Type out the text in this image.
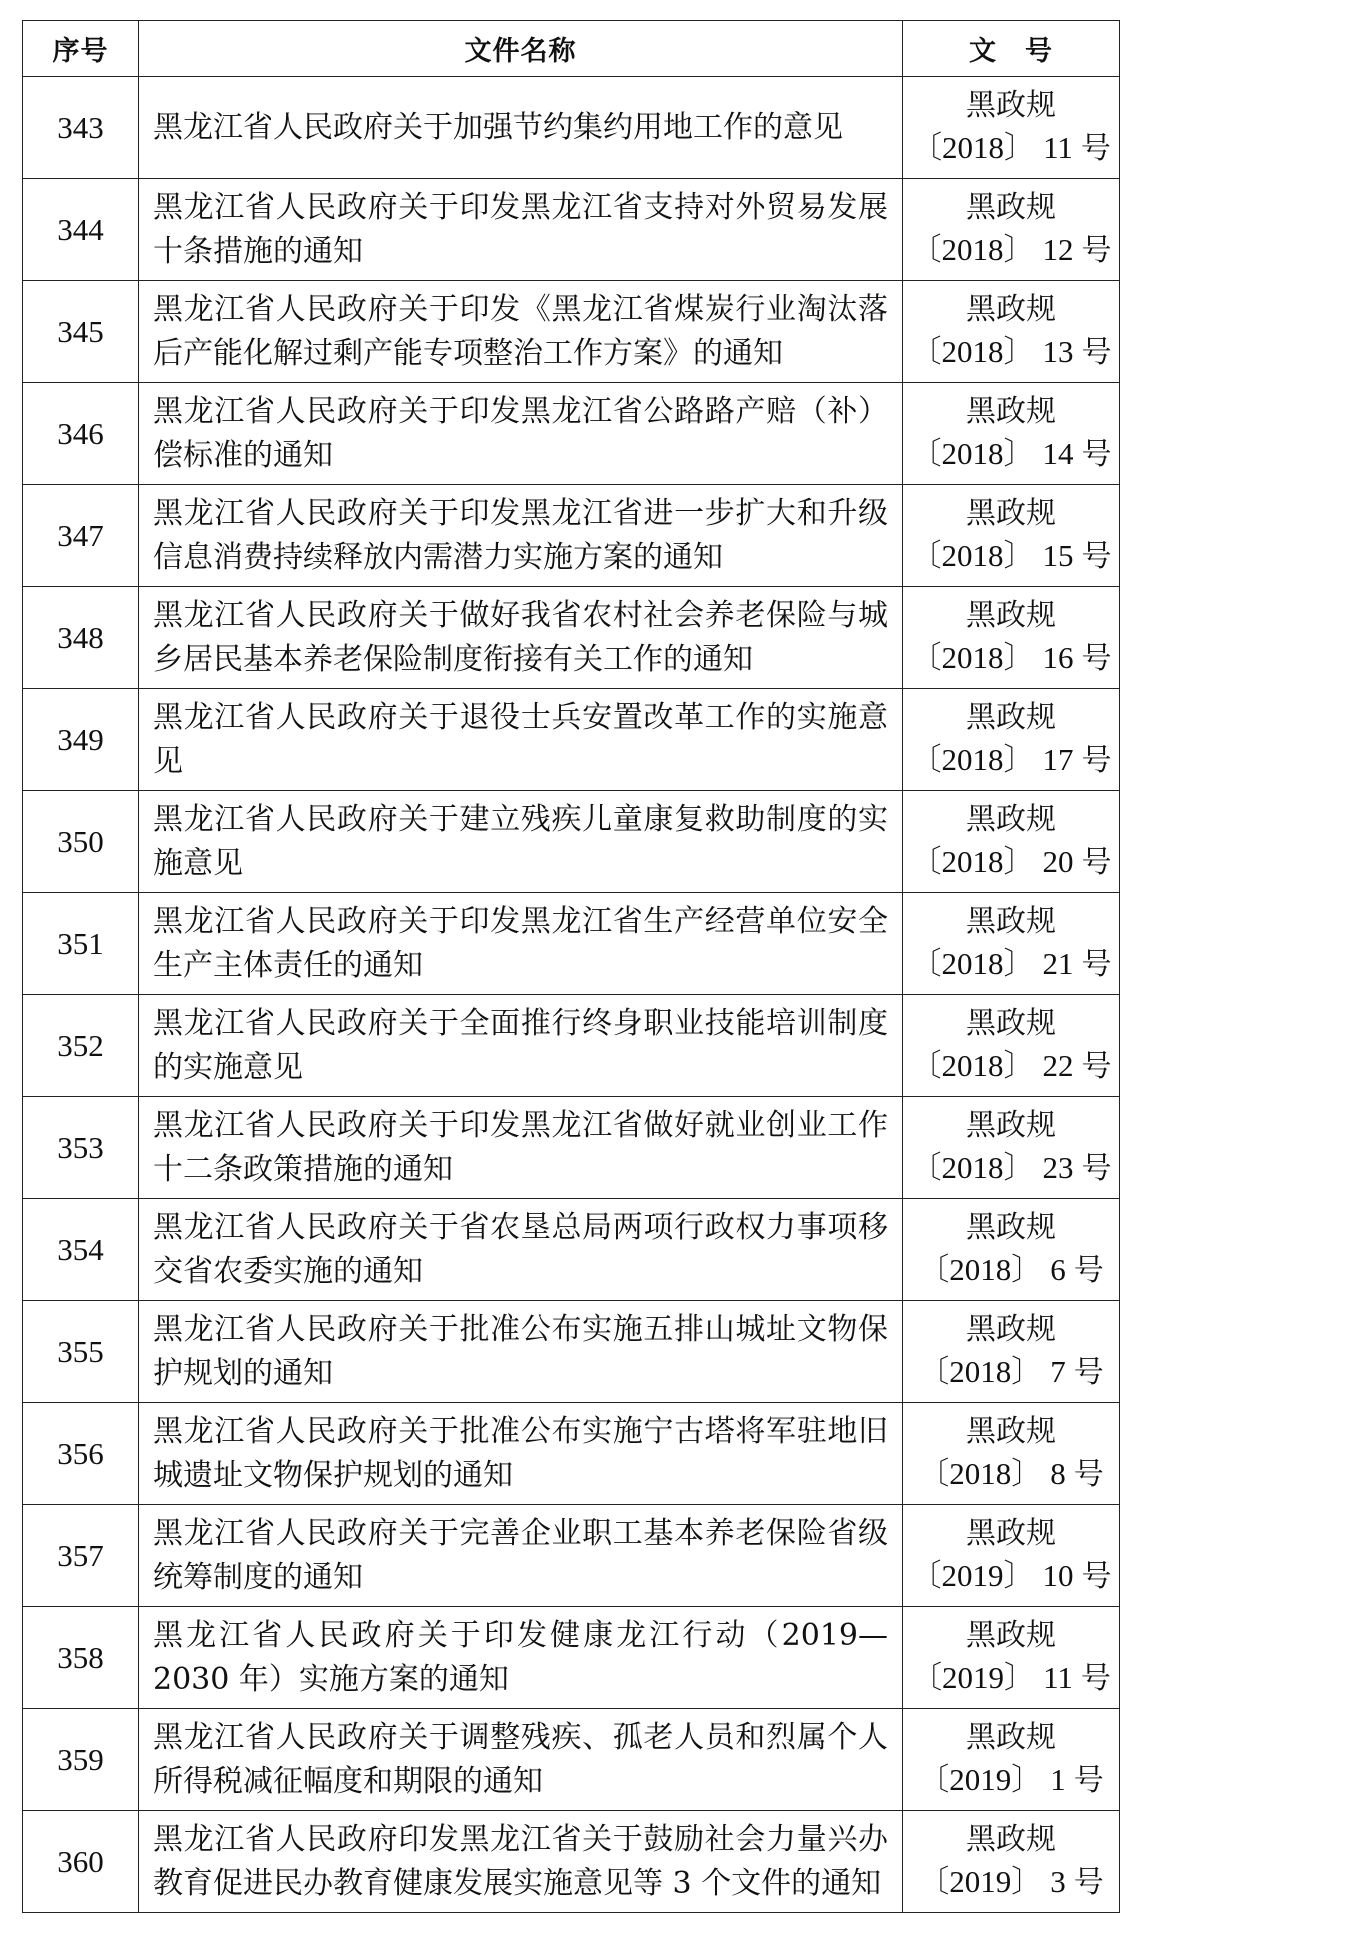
序号	文件名称	文　号
343	黑龙江省人民政府关于加强节约集约用地工作的意见	黑政规
〔2018〕 11 号

344	黑龙江省人民政府关于印发黑龙江省支持对外贸易发展十条措施的通知	黑政规
〔2018〕 12 号

345	黑龙江省人民政府关于印发《黑龙江省煤炭行业淘汰落后产能化解过剩产能专项整治工作方案》的通知	黑政规
〔2018〕 13 号

346	黑龙江省人民政府关于印发黑龙江省公路路产赔（补）偿标准的通知	黑政规
〔2018〕 14 号

347	黑龙江省人民政府关于印发黑龙江省进一步扩大和升级信息消费持续释放内需潜力实施方案的通知	黑政规
〔2018〕 15 号

348	黑龙江省人民政府关于做好我省农村社会养老保险与城乡居民基本养老保险制度衔接有关工作的通知	黑政规
〔2018〕 16 号

349	黑龙江省人民政府关于退役士兵安置改革工作的实施意见	黑政规
〔2018〕 17 号

350	黑龙江省人民政府关于建立残疾儿童康复救助制度的实施意见	黑政规
〔2018〕 20 号

351	黑龙江省人民政府关于印发黑龙江省生产经营单位安全生产主体责任的通知	黑政规
〔2018〕 21 号

352	黑龙江省人民政府关于全面推行终身职业技能培训制度的实施意见	黑政规
〔2018〕 22 号

353	黑龙江省人民政府关于印发黑龙江省做好就业创业工作十二条政策措施的通知	黑政规
〔2018〕 23 号

354	黑龙江省人民政府关于省农垦总局两项行政权力事项移交省农委实施的通知	黑政规
〔2018〕 6 号

355	黑龙江省人民政府关于批准公布实施五排山城址文物保护规划的通知	黑政规
〔2018〕 7 号

356	黑龙江省人民政府关于批准公布实施宁古塔将军驻地旧城遗址文物保护规划的通知	黑政规
〔2018〕 8 号

357	黑龙江省人民政府关于完善企业职工基本养老保险省级统筹制度的通知	黑政规
〔2019〕 10 号

358	黑龙江省人民政府关于印发健康龙江行动（2019—2030 年）实施方案的通知	黑政规
〔2019〕 11 号

359	黑龙江省人民政府关于调整残疾、孤老人员和烈属个人所得税减征幅度和期限的通知	黑政规
〔2019〕 1 号

360	黑龙江省人民政府印发黑龙江省关于鼓励社会力量兴办教育促进民办教育健康发展实施意见等 3 个文件的通知	黑政规
〔2019〕 3 号
